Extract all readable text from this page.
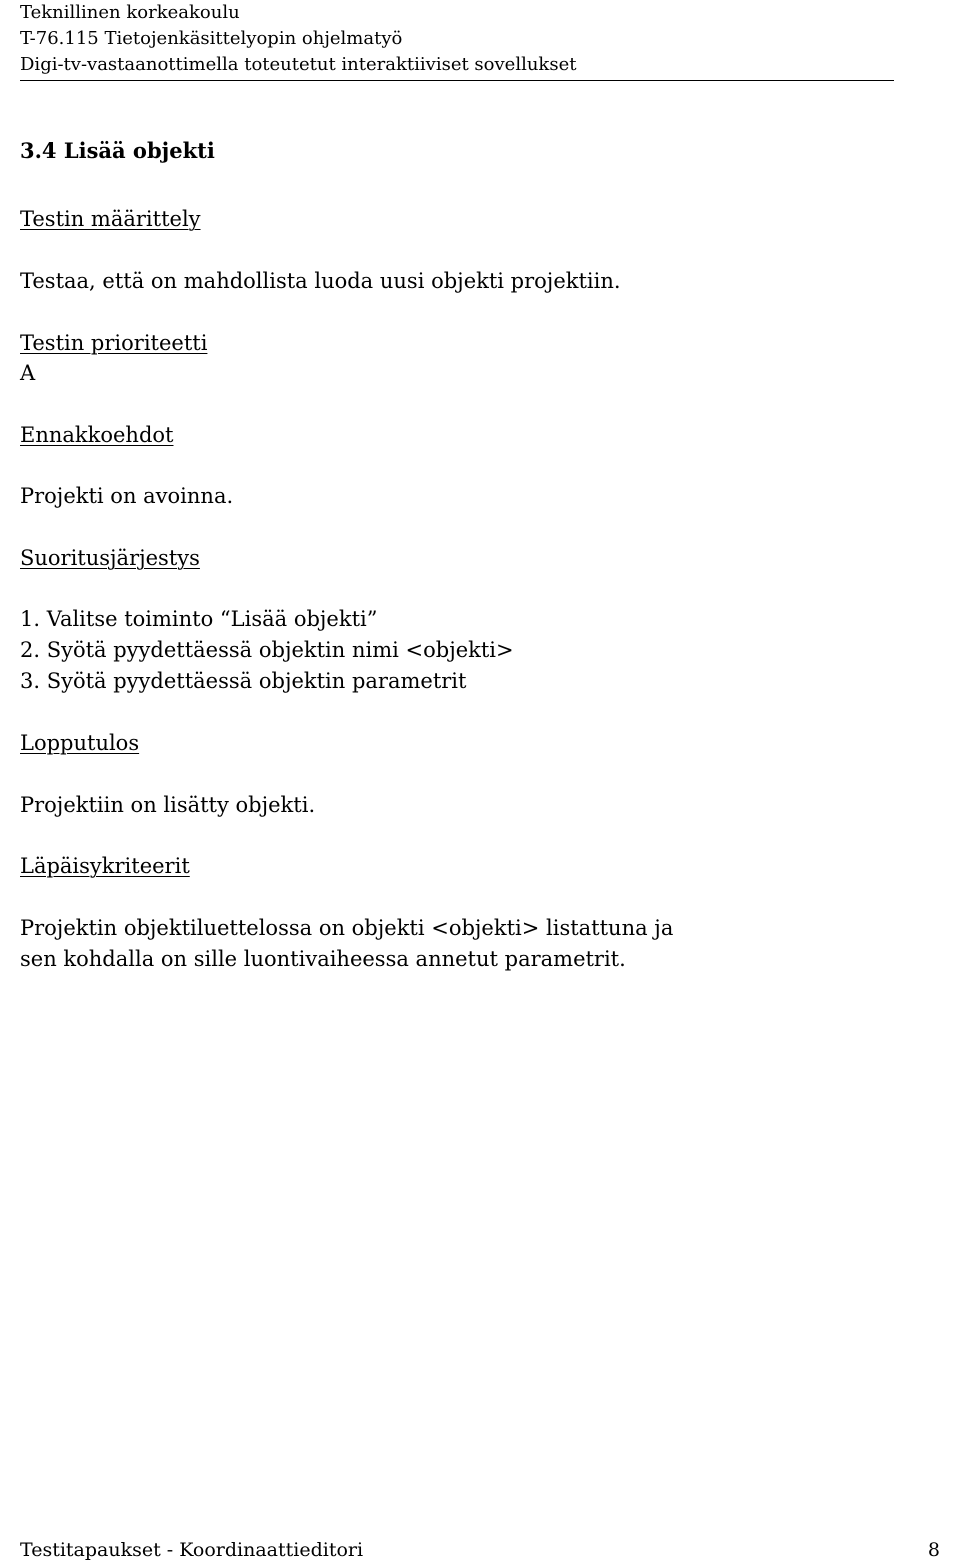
Teknillinen korkeakoulu
T-76.115 Tietojenkäsittelyopin ohjelmatyö
Digi-tv-vastaanottimella toteutetut interaktiiviset sovellukset
3.4 Lisää objekti
Testin määrittely
Testaa, että on mahdollista luoda uusi objekti projektiin.
Testin prioriteetti
A
Ennakkoehdot
Projekti on avoinna.
Suoritusjärjestys
1. Valitse toiminto “Lisää objekti”
2. Syötä pyydettäessä objektin nimi <objekti>
3. Syötä pyydettäessä objektin parametrit
Lopputulos
Projektiin on lisätty objekti.
Läpäisykriteerit
Projektin objektiluettelossa on objekti <objekti> listattuna ja
sen kohdalla on sille luontivaiheessa annetut parametrit.
Testitapaukset - Koordinaattieditori	8
